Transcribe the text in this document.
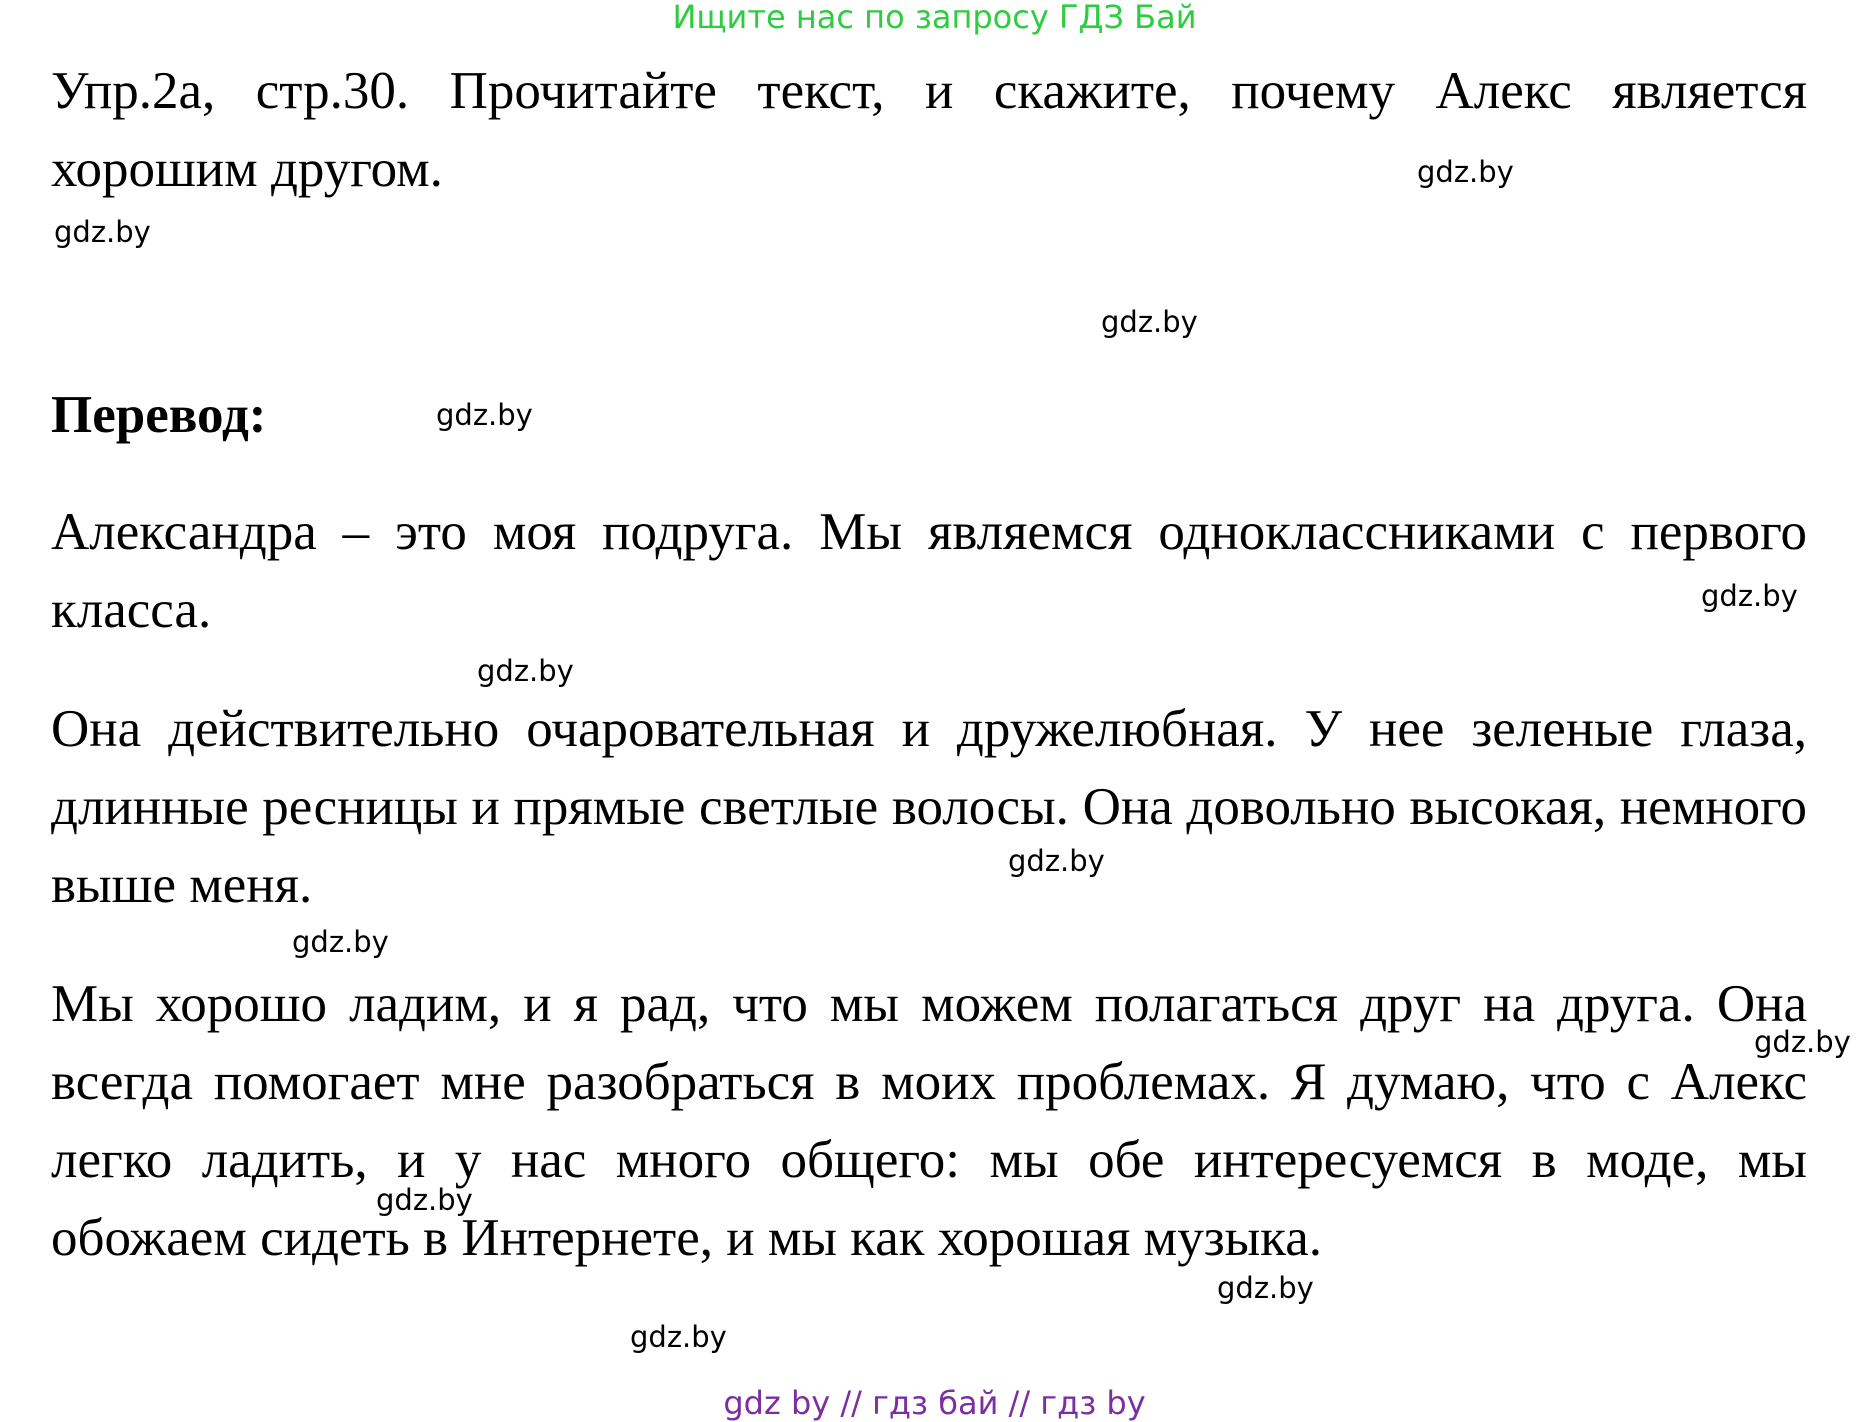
Ищите нас по запросу ГДЗ Бай

Упр.2а, стр.30. Прочитайте текст, и скажите, почему Алекс является хорошим другом.

Перевод:

Александра – это моя подруга. Мы являемся одноклассниками с первого класса.

Она действительно очаровательная и дружелюбная. У нее зеленые глаза, длинные ресницы и прямые светлые волосы. Она довольно высокая, немного выше меня.

Мы хорошо ладим, и я рад, что мы можем полагаться друг на друга. Она всегда помогает мне разобраться в моих проблемах. Я думаю, что с Алекс легко ладить, и у нас много общего: мы обе интересуемся в моде, мы обожаем сидеть в Интернете, и мы как хорошая музыка.

gdz.by
gdz.by
gdz.by
gdz.by
gdz.by
gdz.by
gdz.by
gdz.by
gdz.by
gdz.by
gdz.by
gdz.by
gdz by // гдз бай // гдз by
